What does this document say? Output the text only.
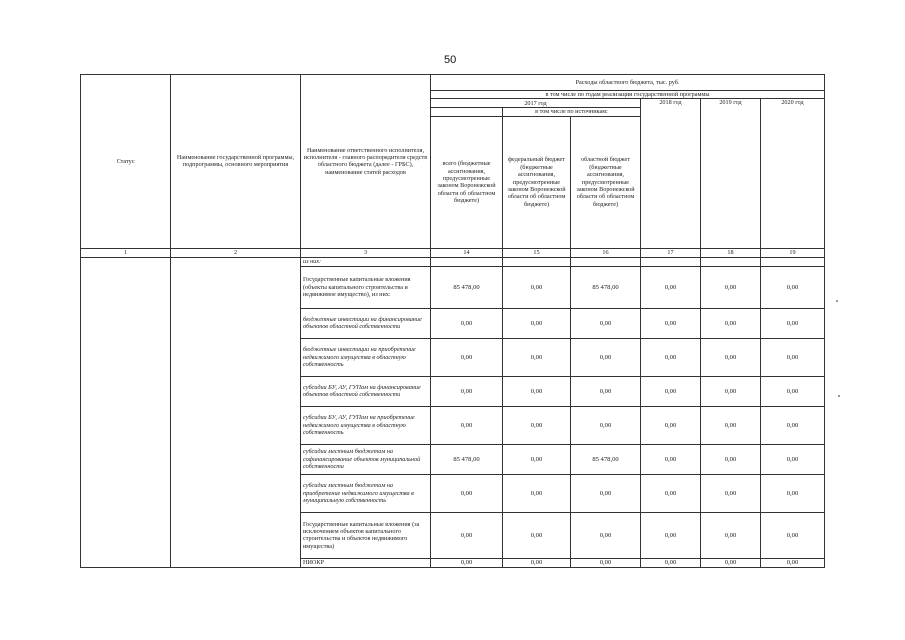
50
Статус	Наименование государственной программы, подпрограммы, основного мероприятия	Наименование ответственного исполнителя, исполнителя - главного распорядителя средств областного бюджета (далее - ГРБС), наименование статей расходов	Расходы областного бюджета, тыс. руб.					
			в том числе по годам реализации государственной программы					
			2017 год			2018 год	2019 год	2020 год
				в том числе по источникам:				
			всего (бюджетные ассигнования, предусмотренные законом Воронежской области об областном бюджете)	федеральный бюджет (бюджетные ассигнования, предусмотренные законом Воронежской области об областном бюджете)	областной бюджет (бюджетные ассигнования, предусмотренные законом Воронежской области об областном бюджете)			
1	2	3	14	15	16	17	18	19
		из них:						
		Государственные капитальные вложения (объекты капитального строительства и недвижимое имущество), из них:	85 478,00	0,00	85 478,00	0,00	0,00	0,00
		бюджетные инвестиции на финансирование объектов областной собственности	0,00	0,00	0,00	0,00	0,00	0,00
		бюджетные инвестиции на приобретение недвижимого имущества в областную собственность	0,00	0,00	0,00	0,00	0,00	0,00
		субсидии БУ, АУ, ГУПам на финансирование объектов областной собственности	0,00	0,00	0,00	0,00	0,00	0,00
		субсидии БУ, АУ, ГУПам на приобретение недвижимого имущества в областную собственность	0,00	0,00	0,00	0,00	0,00	0,00
		субсидии местным бюджетам на софинансирование объектов муниципальной собственности	85 478,00	0,00	85 478,00	0,00	0,00	0,00
		субсидии местным бюджетам на приобретение недвижимого имущества в муниципальную собственность	0,00	0,00	0,00	0,00	0,00	0,00
		Государственные капитальные вложения (за исключением объектов капитального строительства и объектов недвижимого имущества)	0,00	0,00	0,00	0,00	0,00	0,00
		НИОКР	0,00	0,00	0,00	0,00	0,00	0,00
